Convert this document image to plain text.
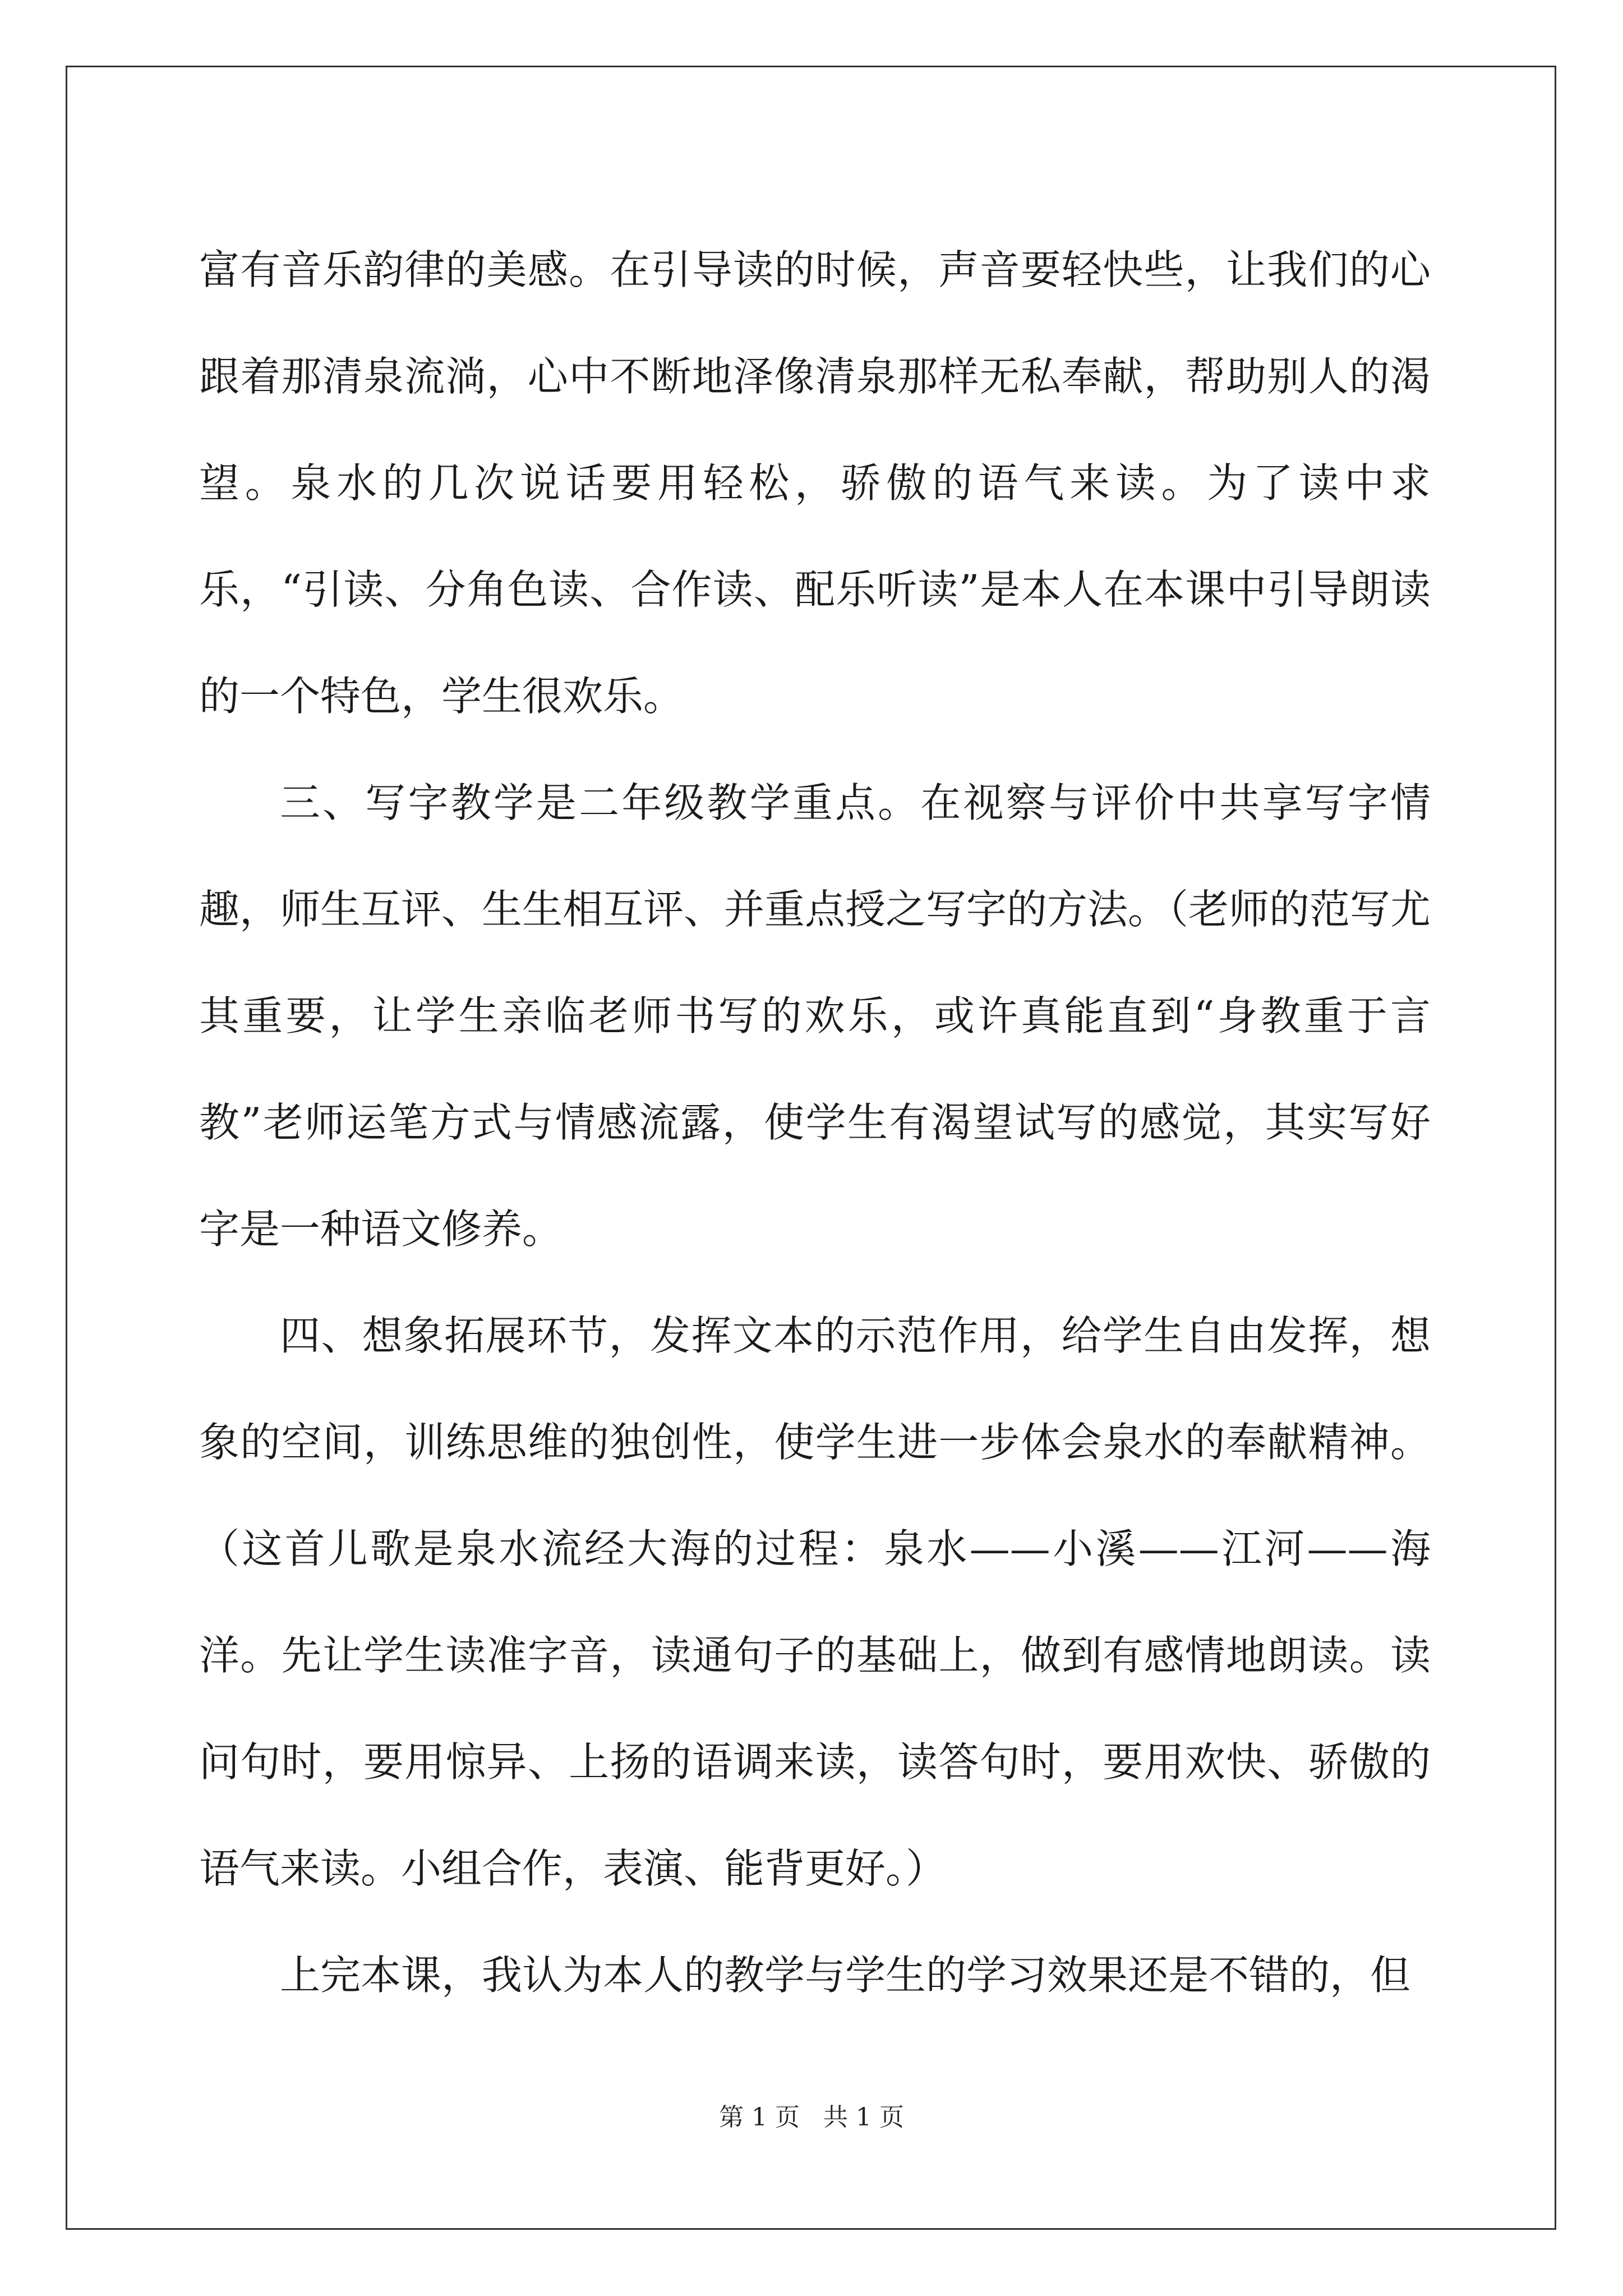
富有音乐韵律的美感。在引导读的时候，声音要轻快些，让我们的心跟着那清泉流淌，心中不断地泽像清泉那样无私奉献，帮助别人的渴望。泉水的几次说话要用轻松，骄傲的语气来读。为了读中求乐，“引读、分角色读、合作读、配乐听读”是本人在本课中引导朗读的一个特色，学生很欢乐。

三、写字教学是二年级教学重点。在视察与评价中共享写字情趣，师生互评、生生相互评、并重点授之写字的方法。（老师的范写尤其重要，让学生亲临老师书写的欢乐，或许真能直到“身教重于言教”老师运笔方式与情感流露，使学生有渴望试写的感觉，其实写好字是一种语文修养。

四、想象拓展环节，发挥文本的示范作用，给学生自由发挥，想象的空间，训练思维的独创性，使学生进一步体会泉水的奉献精神。（这首儿歌是泉水流经大海的过程：泉水——小溪——江河——海洋。先让学生读准字音，读通句子的基础上，做到有感情地朗读。读问句时，要用惊异、上扬的语调来读，读答句时，要用欢快、骄傲的语气来读。小组合作，表演、能背更好。）

上完本课，我认为本人的教学与学生的学习效果还是不错的，但

第 1 页   共 1 页
